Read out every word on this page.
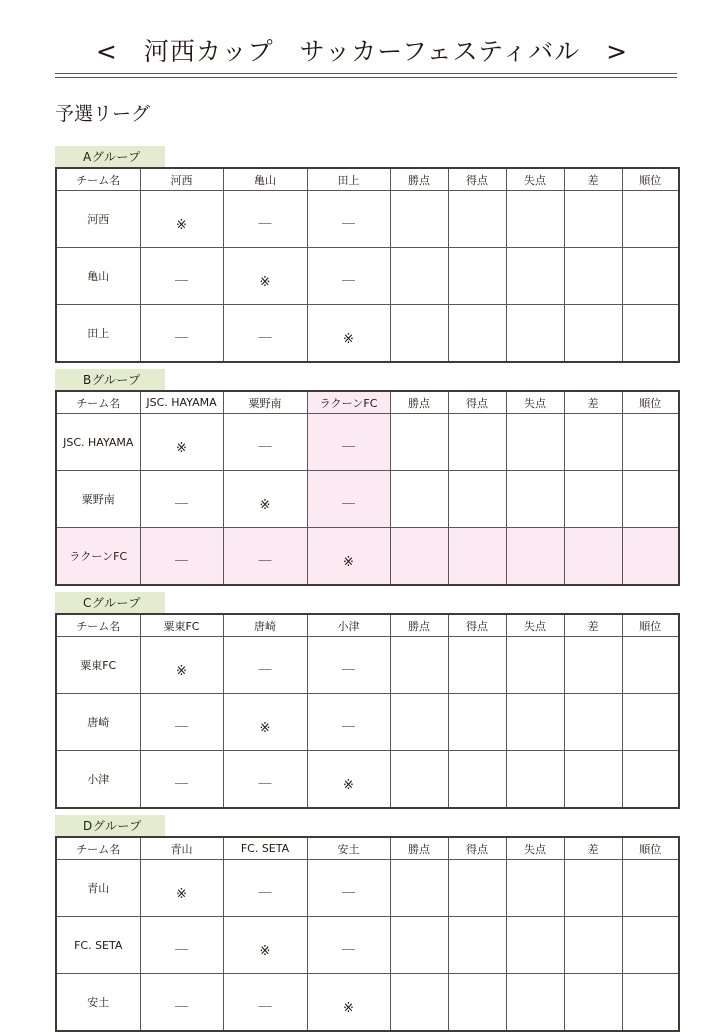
<　河西カップ　サッカーフェスティバル　>
予選リーグ
Aグループ
チーム名	河西	亀山	田上	勝点	得点	失点	差	順位
河西	※	＿	＿					
亀山	＿	※	＿					
田上	＿	＿	※					
Bグループ
チーム名	JSC. HAYAMA	粟野南	ラクーンFC	勝点	得点	失点	差	順位
JSC. HAYAMA	※	＿	＿					
粟野南	＿	※	＿					
ラクーンFC	＿	＿	※					
Cグループ
チーム名	粟東FC	唐崎	小津	勝点	得点	失点	差	順位
粟東FC	※	＿	＿					
唐崎	＿	※	＿					
小津	＿	＿	※					
Dグループ
チーム名	青山	FC. SETA	安土	勝点	得点	失点	差	順位
青山	※	＿	＿					
FC. SETA	＿	※	＿					
安土	＿	＿	※					
